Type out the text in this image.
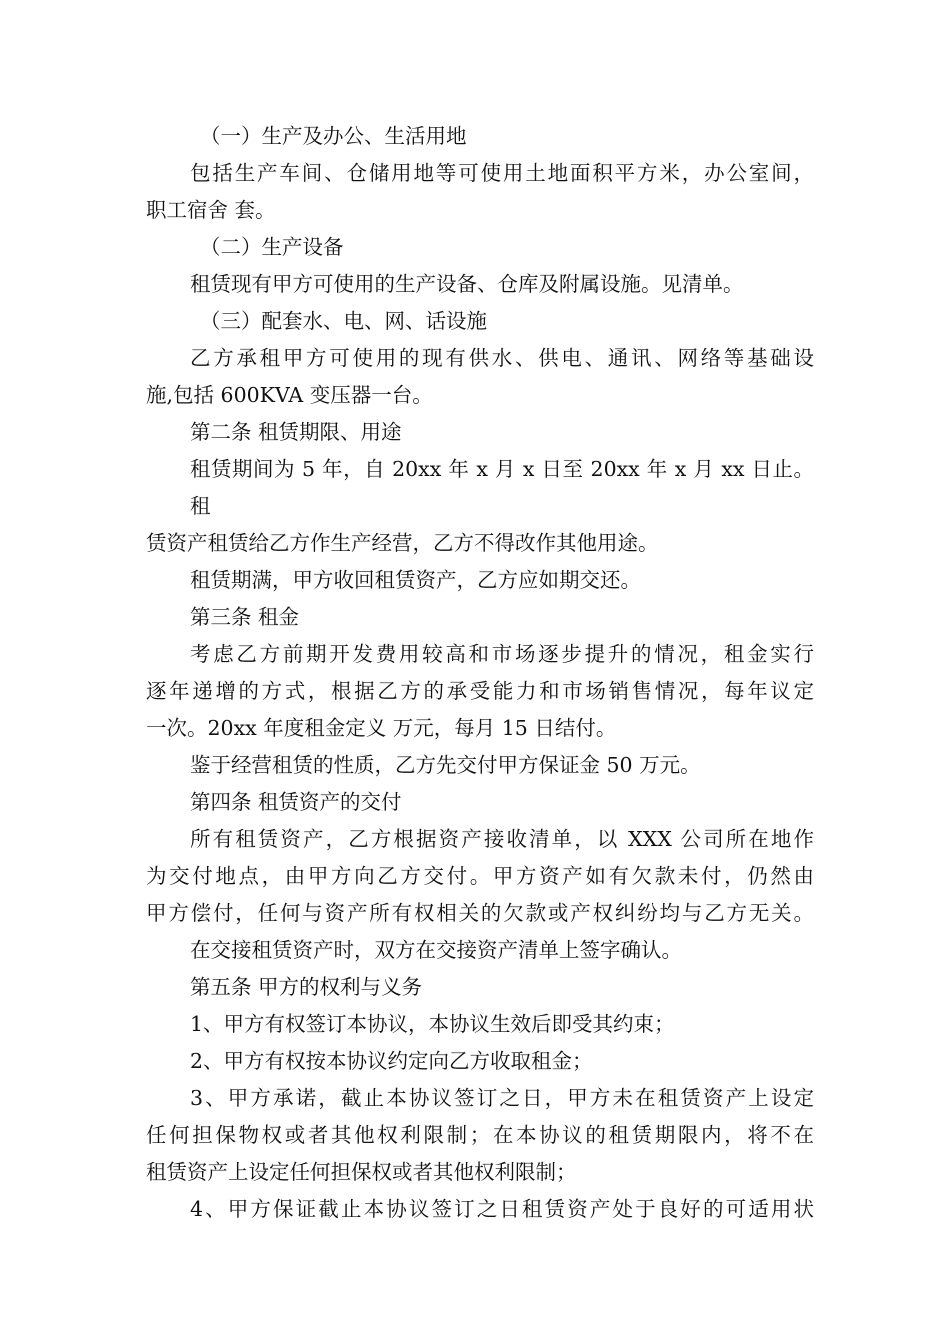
（一）生产及办公、生活用地

包括生产车间、仓储用地等可使用土地面积平方米，办公室间，

职工宿舍 套。

（二）生产设备

租赁现有甲方可使用的生产设备、仓库及附属设施。见清单。

（三）配套水、电、网、话设施

乙方承租甲方可使用的现有供水、供电、通讯、网络等基础设

施,包括 600KVA 变压器一台。

第二条 租赁期限、用途

租赁期间为 5 年，自 20xx 年 x 月 x 日至 20xx 年 x 月 xx 日止。租

赁资产租赁给乙方作生产经营，乙方不得改作其他用途。

租赁期满，甲方收回租赁资产，乙方应如期交还。

第三条 租金

考虑乙方前期开发费用较高和市场逐步提升的情况，租金实行

逐年递增的方式，根据乙方的承受能力和市场销售情况，每年议定

一次。20xx 年度租金定义 万元，每月 15 日结付。

鉴于经营租赁的性质，乙方先交付甲方保证金 50 万元。

第四条 租赁资产的交付

所有租赁资产，乙方根据资产接收清单，以 XXX 公司所在地作

为交付地点，由甲方向乙方交付。甲方资产如有欠款未付，仍然由

甲方偿付，任何与资产所有权相关的欠款或产权纠纷均与乙方无关。

在交接租赁资产时，双方在交接资产清单上签字确认。

第五条 甲方的权利与义务

1、甲方有权签订本协议，本协议生效后即受其约束；

2、甲方有权按本协议约定向乙方收取租金；

3、甲方承诺，截止本协议签订之日，甲方未在租赁资产上设定

任何担保物权或者其他权利限制；在本协议的租赁期限内，将不在

租赁资产上设定任何担保权或者其他权利限制；

4、甲方保证截止本协议签订之日租赁资产处于良好的可适用状
